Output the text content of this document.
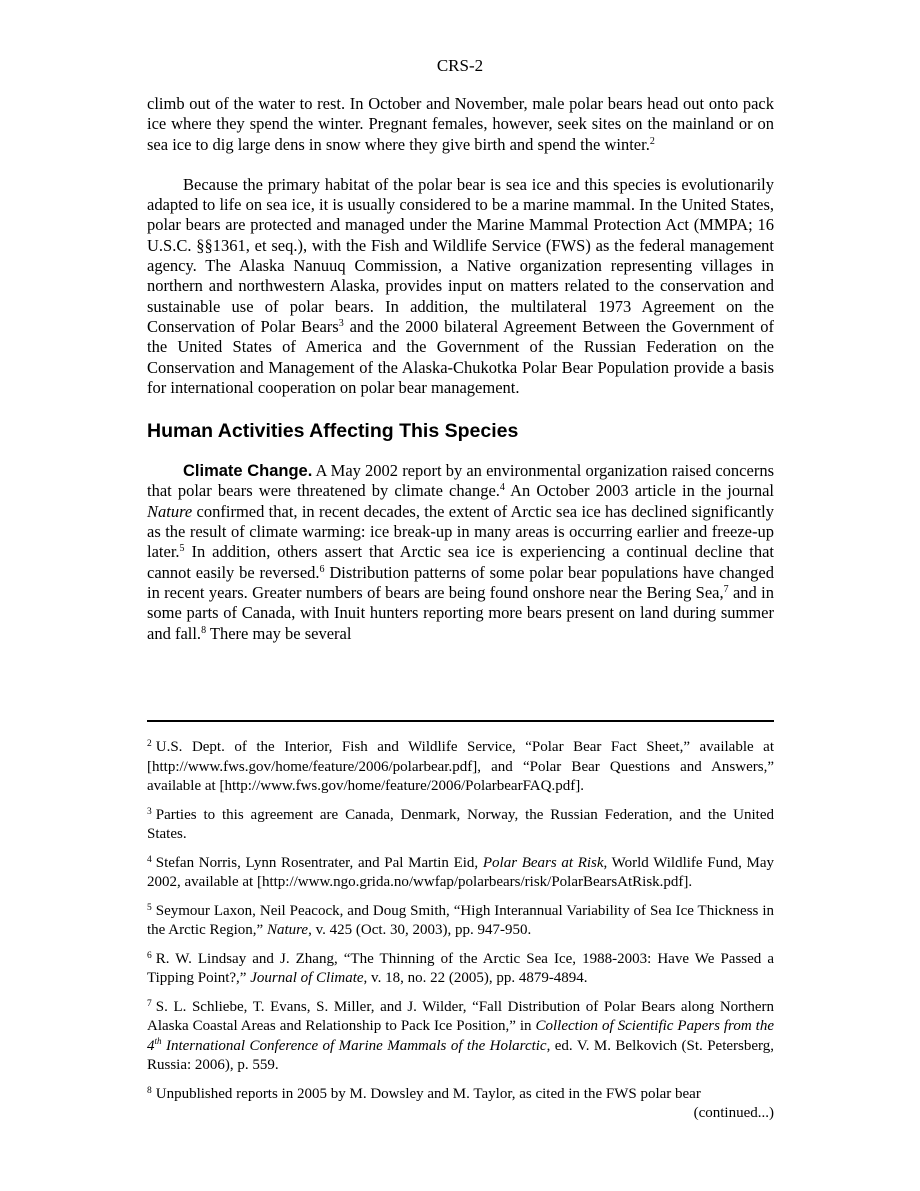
CRS-2

climb out of the water to rest. In October and November, male polar bears head out onto pack ice where they spend the winter. Pregnant females, however, seek sites on the mainland or on sea ice to dig large dens in snow where they give birth and spend the winter.$^2$

Because the primary habitat of the polar bear is sea ice and this species is evolutionarily adapted to life on sea ice, it is usually considered to be a marine mammal. In the United States, polar bears are protected and managed under the Marine Mammal Protection Act (MMPA; 16 U.S.C. §§1361, et seq.), with the Fish and Wildlife Service (FWS) as the federal management agency. The Alaska Nanuuq Commission, a Native organization representing villages in northern and northwestern Alaska, provides input on matters related to the conservation and sustainable use of polar bears. In addition, the multilateral 1973 Agreement on the Conservation of Polar Bears$^3$ and the 2000 bilateral Agreement Between the Government of the United States of America and the Government of the Russian Federation on the Conservation and Management of the Alaska-Chukotka Polar Bear Population provide a basis for international cooperation on polar bear management.

Human Activities Affecting This Species

Climate Change. A May 2002 report by an environmental organization raised concerns that polar bears were threatened by climate change.$^4$ An October 2003 article in the journal Nature confirmed that, in recent decades, the extent of Arctic sea ice has declined significantly as the result of climate warming: ice break-up in many areas is occurring earlier and freeze-up later.$^5$ In addition, others assert that Arctic sea ice is experiencing a continual decline that cannot easily be reversed.$^6$ Distribution patterns of some polar bear populations have changed in recent years. Greater numbers of bears are being found onshore near the Bering Sea,$^7$ and in some parts of Canada, with Inuit hunters reporting more bears present on land during summer and fall.$^8$ There may be several

$^2$ U.S. Dept. of the Interior, Fish and Wildlife Service, “Polar Bear Fact Sheet,” available at [http://www.fws.gov/home/feature/2006/polarbear.pdf], and “Polar Bear Questions and Answers,” available at [http://www.fws.gov/home/feature/2006/PolarbearFAQ.pdf].

$^3$ Parties to this agreement are Canada, Denmark, Norway, the Russian Federation, and the United States.

$^4$ Stefan Norris, Lynn Rosentrater, and Pal Martin Eid, Polar Bears at Risk, World Wildlife Fund, May 2002, available at [http://www.ngo.grida.no/wwfap/polarbears/risk/PolarBearsAtRisk.pdf].

$^5$ Seymour Laxon, Neil Peacock, and Doug Smith, “High Interannual Variability of Sea Ice Thickness in the Arctic Region,” Nature, v. 425 (Oct. 30, 2003), pp. 947-950.

$^6$ R. W. Lindsay and J. Zhang, “The Thinning of the Arctic Sea Ice, 1988-2003: Have We Passed a Tipping Point?,” Journal of Climate, v. 18, no. 22 (2005), pp. 4879-4894.

$^7$ S. L. Schliebe, T. Evans, S. Miller, and J. Wilder, “Fall Distribution of Polar Bears along Northern Alaska Coastal Areas and Relationship to Pack Ice Position,” in Collection of Scientific Papers from the 4th International Conference of Marine Mammals of the Holarctic, ed. V. M. Belkovich (St. Petersberg, Russia: 2006), p. 559.

$^8$ Unpublished reports in 2005 by M. Dowsley and M. Taylor, as cited in the FWS polar bear

(continued...)
